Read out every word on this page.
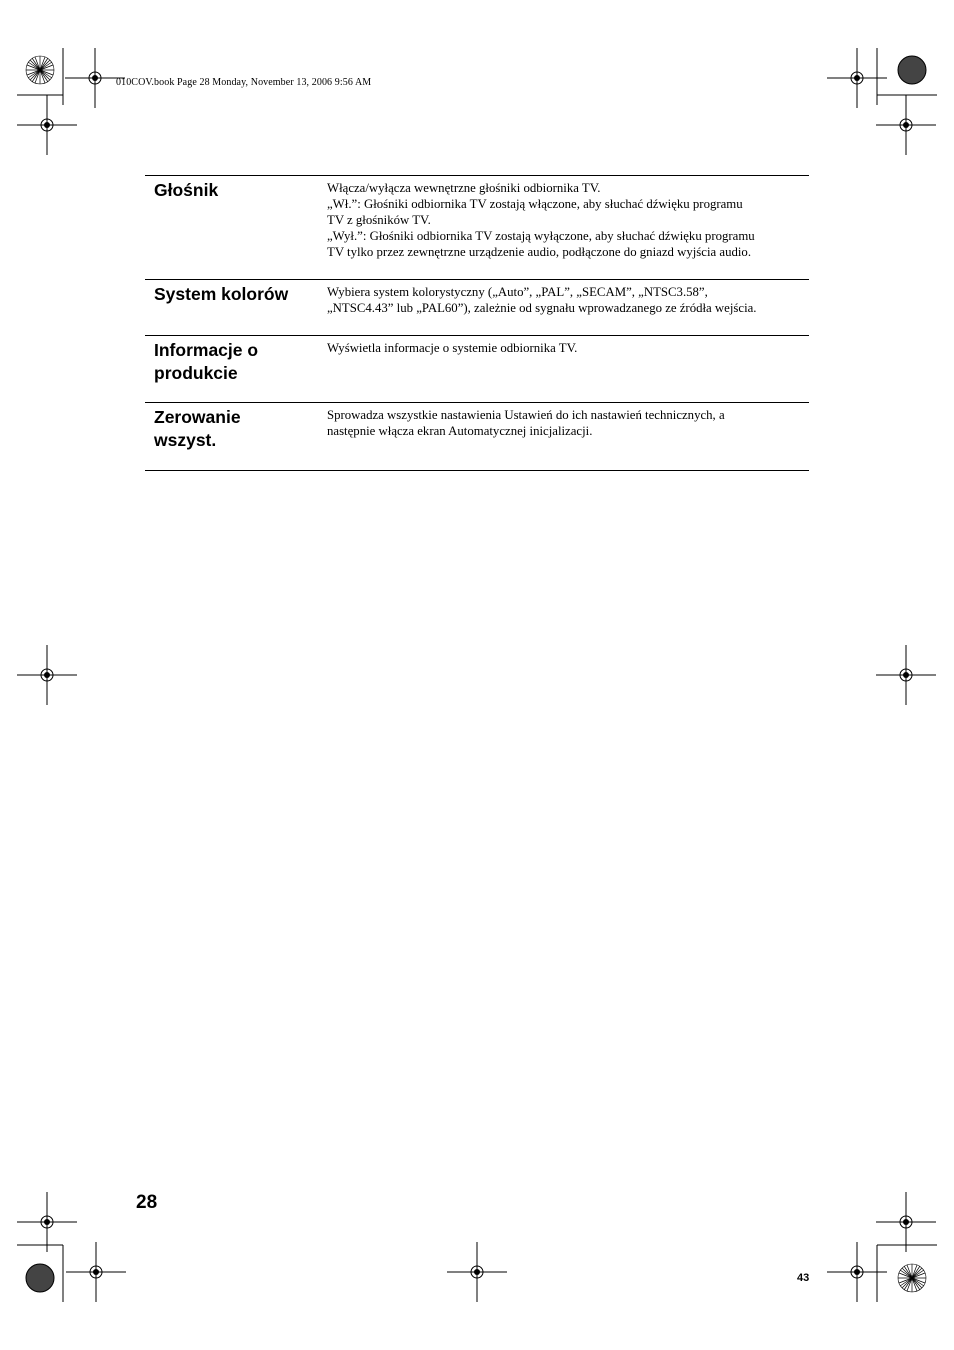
010COV.book Page 28 Monday, November 13, 2006 9:56 AM
Głośnik	Włącza/wyłącza wewnętrzne głośniki odbiornika TV.
„Wł.”: Głośniki odbiornika TV zostają włączone, aby słuchać dźwięku programu
TV z głośników TV.
„Wył.”: Głośniki odbiornika TV zostają wyłączone, aby słuchać dźwięku programu
TV tylko przez zewnętrzne urządzenie audio, podłączone do gniazd wyjścia audio.
System kolorów	Wybiera system kolorystyczny („Auto”, „PAL”, „SECAM”, „NTSC3.58”,
„NTSC4.43” lub „PAL60”), zależnie od sygnału wprowadzanego ze źródła wejścia.
Informacje o
produkcie
Wyświetla informacje o systemie odbiornika TV.
Zerowanie
wszyst.
Sprowadza wszystkie nastawienia Ustawień do ich nastawień technicznych, a
następnie włącza ekran Automatycznej inicjalizacji.
28
43
